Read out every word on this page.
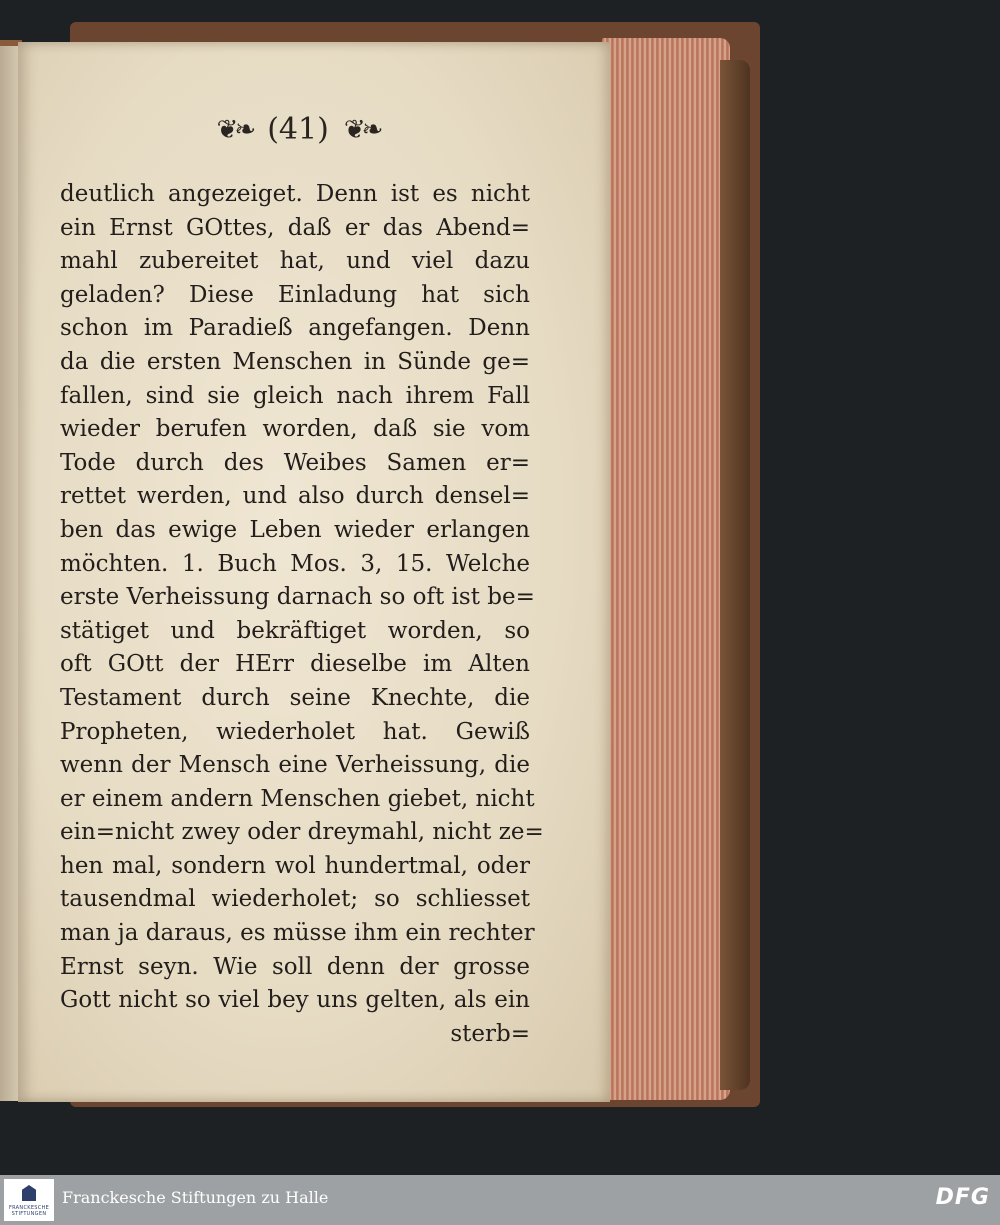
❦❧ (41) ❦❧
deutlich angezeiget. Denn ist es nicht
ein Ernst GOttes, daß er das Abend=
mahl zubereitet hat, und viel dazu
geladen? Diese Einladung hat sich
schon im Paradieß angefangen. Denn
da die ersten Menschen in Sünde ge=
fallen, sind sie gleich nach ihrem Fall
wieder berufen worden, daß sie vom
Tode durch des Weibes Samen er=
rettet werden, und also durch densel=
ben das ewige Leben wieder erlangen
möchten. 1. Buch Mos. 3, 15. Welche
erste Verheissung darnach so oft ist be=
stätiget und bekräftiget worden, so
oft GOtt der HErr dieselbe im Alten
Testament durch seine Knechte, die
Propheten, wiederholet hat. Gewiß
wenn der Mensch eine Verheissung, die
er einem andern Menschen giebet, nicht
ein=nicht zwey oder dreymahl, nicht ze=
hen mal, sondern wol hundertmal, oder
tausendmal wiederholet; so schliesset
man ja daraus, es müsse ihm ein rechter
Ernst seyn. Wie soll denn der grosse
Gott nicht so viel bey uns gelten, als ein
sterb=
FRANCKESCHE
STIFTUNGEN
Franckesche Stiftungen zu Halle	DFG
